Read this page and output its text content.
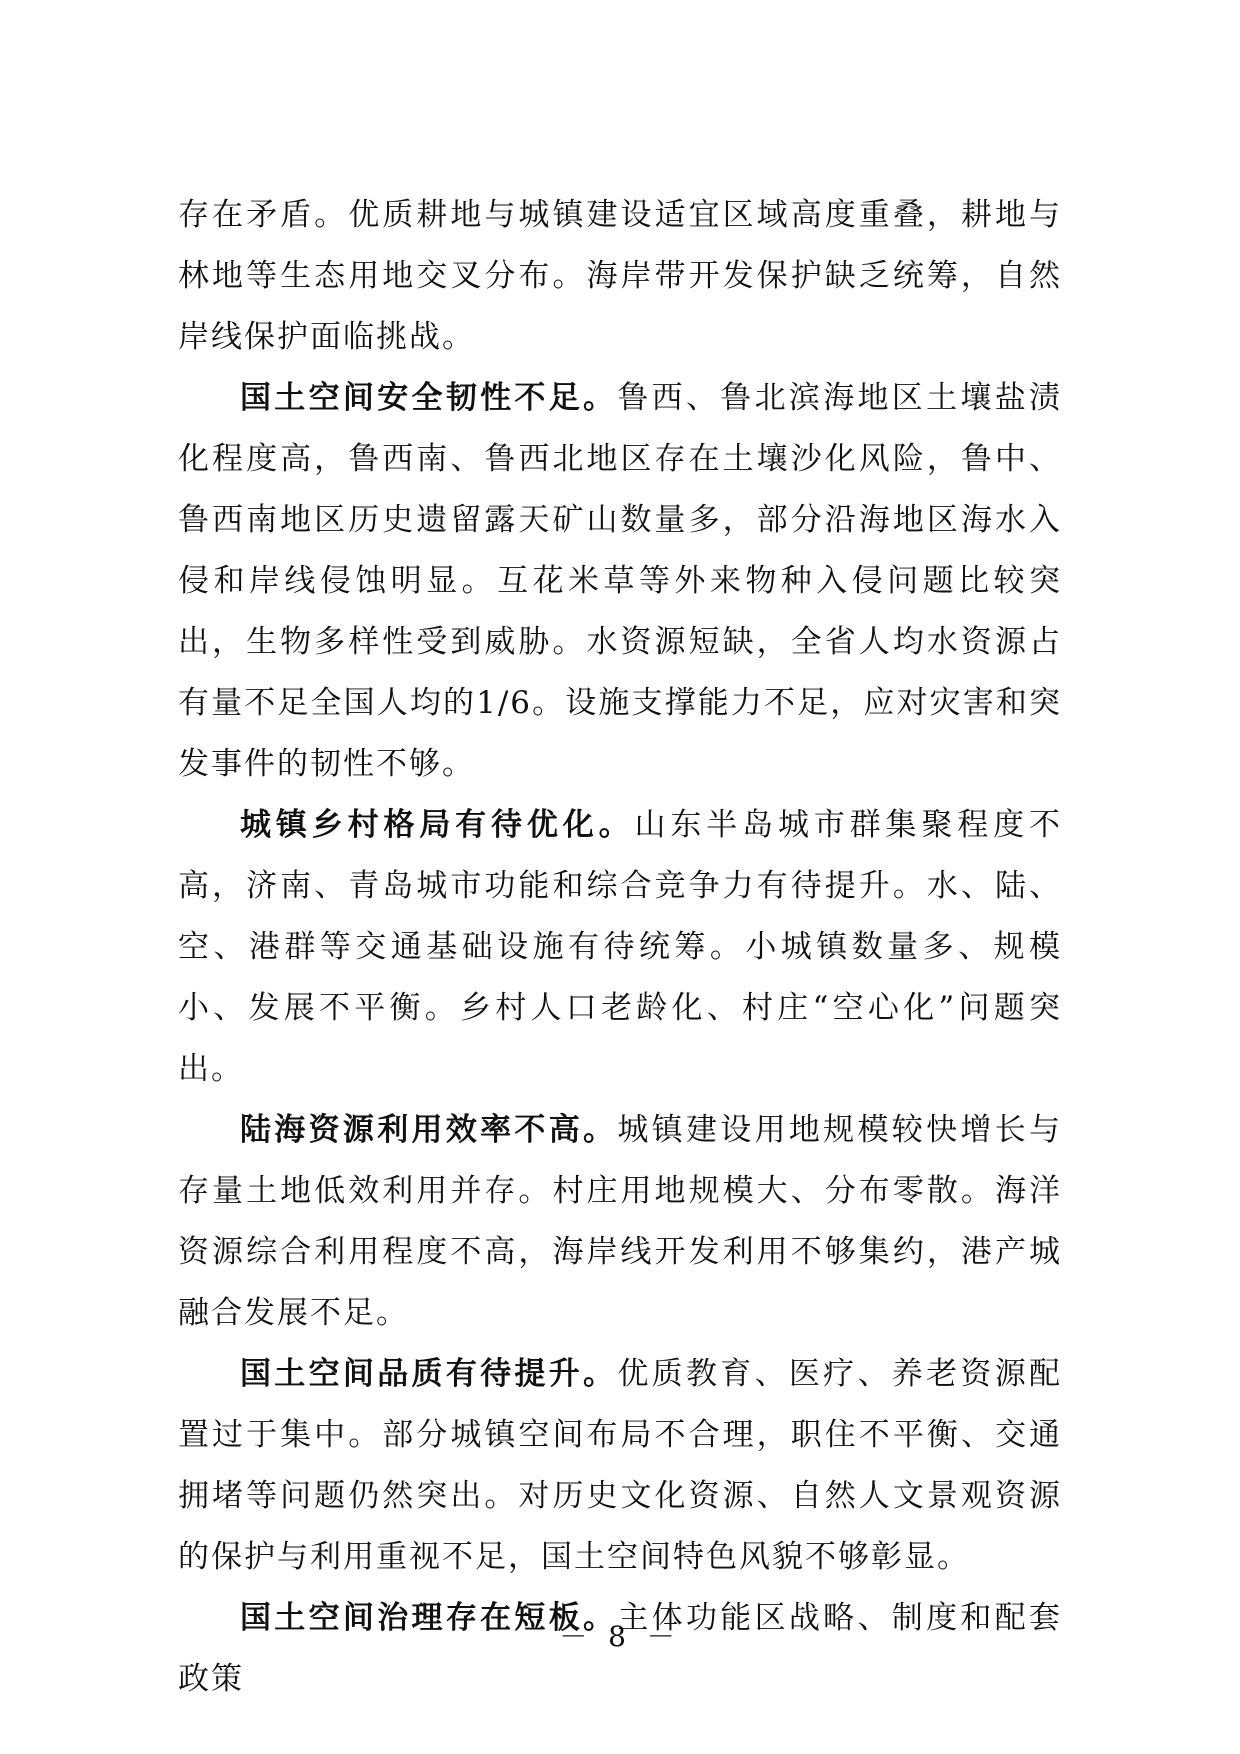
存在矛盾。优质耕地与城镇建设适宜区域高度重叠，耕地与林地等生态用地交叉分布。海岸带开发保护缺乏统筹，自然岸线保护面临挑战。

国土空间安全韧性不足。鲁西、鲁北滨海地区土壤盐渍化程度高，鲁西南、鲁西北地区存在土壤沙化风险，鲁中、鲁西南地区历史遗留露天矿山数量多，部分沿海地区海水入侵和岸线侵蚀明显。互花米草等外来物种入侵问题比较突出，生物多样性受到威胁。水资源短缺，全省人均水资源占有量不足全国人均的1/6。设施支撑能力不足，应对灾害和突发事件的韧性不够。

城镇乡村格局有待优化。山东半岛城市群集聚程度不高，济南、青岛城市功能和综合竞争力有待提升。水、陆、空、港群等交通基础设施有待统筹。小城镇数量多、规模小、发展不平衡。乡村人口老龄化、村庄“空心化”问题突出。

陆海资源利用效率不高。城镇建设用地规模较快增长与存量土地低效利用并存。村庄用地规模大、分布零散。海洋资源综合利用程度不高，海岸线开发利用不够集约，港产城融合发展不足。

国土空间品质有待提升。优质教育、医疗、养老资源配置过于集中。部分城镇空间布局不合理，职住不平衡、交通拥堵等问题仍然突出。对历史文化资源、自然人文景观资源的保护与利用重视不足，国土空间特色风貌不够彰显。

国土空间治理存在短板。主体功能区战略、制度和配套政策

－ 8 －
